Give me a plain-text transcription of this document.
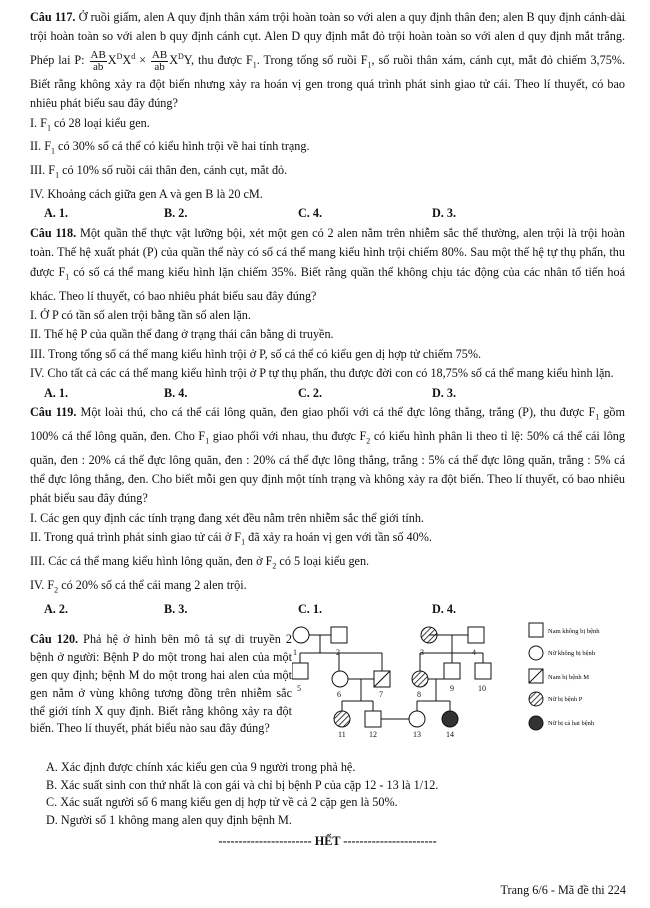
Câu 117. Ở ruồi giấm, alen A quy định thân xám trội hoàn toàn so với alen a quy định thân đen; alen B quy định cánh dài trội hoàn toàn so với alen b quy định cánh cụt. Alen D quy định mắt đỏ trội hoàn toàn so với alen d quy định mắt trắng. Phép lai P: $\frac{AB}{ab} X^DX^d \times \frac{AB}{ab} X^DY$, thu được $F_1$. Trong tổng số ruồi $F_1$, số ruồi thân xám, cánh cụt, mắt đỏ chiếm 3,75%. Biết rằng không xảy ra đột biến nhưng xảy ra hoán vị gen trong quá trình phát sinh giao tử cái. Theo lí thuyết, có bao nhiêu phát biểu sau đây đúng?

I. $F_1$ có 28 loại kiểu gen.

II. $F_1$ có 30% số cá thể có kiểu hình trội về hai tính trạng.

III. $F_1$ có 10% số ruồi cái thân đen, cánh cụt, mắt đỏ.

IV. Khoảng cách giữa gen A và gen B là 20 cM.

A. 1.	B. 2.	C. 4.	D. 3.

Câu 118. Một quần thể thực vật lưỡng bội, xét một gen có 2 alen nằm trên nhiễm sắc thể thường, alen trội là trội hoàn toàn. Thế hệ xuất phát (P) của quần thể này có số cá thể mang kiểu hình trội chiếm 80%. Sau một thế hệ tự thụ phấn, thu được $F_1$ có số cá thể mang kiểu hình lặn chiếm 35%. Biết rằng quần thể không chịu tác động của các nhân tố tiến hoá khác. Theo lí thuyết, có bao nhiêu phát biểu sau đây đúng?

I. Ở P có tần số alen trội bằng tần số alen lặn.

II. Thế hệ P của quần thể đang ở trạng thái cân bằng di truyền.

III. Trong tổng số cá thể mang kiểu hình trội ở P, số cá thể có kiểu gen dị hợp tử chiếm 75%.

IV. Cho tất cả các cá thể mang kiểu hình trội ở P tự thụ phấn, thu được đời con có 18,75% số cá thể mang kiểu hình lặn.

A. 1.	B. 4.	C. 2.	D. 3.

Câu 119. Một loài thú, cho cá thể cái lông quăn, đen giao phối với cá thể đực lông thẳng, trắng (P), thu được $F_1$ gồm 100% cá thể lông quăn, đen. Cho $F_1$ giao phối với nhau, thu được $F_2$ có kiểu hình phân li theo tỉ lệ: 50% cá thể cái lông quăn, đen : 20% cá thể đực lông quăn, đen : 20% cá thể đực lông thẳng, trắng : 5% cá thể đực lông quăn, trắng : 5% cá thể đực lông thẳng, đen. Cho biết mỗi gen quy định một tính trạng và không xảy ra đột biến. Theo lí thuyết, có bao nhiêu phát biểu sau đây đúng?

I. Các gen quy định các tính trạng đang xét đều nằm trên nhiễm sắc thể giới tính.

II. Trong quá trình phát sinh giao tử cái ở $F_1$ đã xảy ra hoán vị gen với tần số 40%.

III. Các cá thể mang kiểu hình lông quăn, đen ở $F_2$ có 5 loại kiểu gen.

IV. $F_2$ có 20% số cá thể cái mang 2 alen trội.

A. 2.	B. 3.	C. 1.	D. 4.

Câu 120. Phả hệ ở hình bên mô tả sự di truyền 2 bệnh ở người: Bệnh P do một trong hai alen của một gen quy định; bệnh M do một trong hai alen của một gen nằm ở vùng không tương đồng trên nhiễm sắc thể giới tính X quy định. Biết rằng không xảy ra đột biến. Theo lí thuyết, phát biểu nào sau đây đúng?

1	2	3	4
5
6	7	8
9	10
11	12	13	14
Nam không bị bệnh
Nữ không bị bệnh
Nam bị bệnh M
Nữ bị bệnh P
Nữ bị cả hai bệnh

A. Xác định được chính xác kiểu gen của 9 người trong phả hệ.

B. Xác suất sinh con thứ nhất là con gái và chỉ bị bệnh P của cặp 12 - 13 là 1/12.

C. Xác suất người số 6 mang kiểu gen dị hợp tử về cả 2 cặp gen là 50%.

D. Người số 1 không mang alen quy định bệnh M.

----------------------- HẾT -----------------------

Trang 6/6 - Mã đề thi 224
